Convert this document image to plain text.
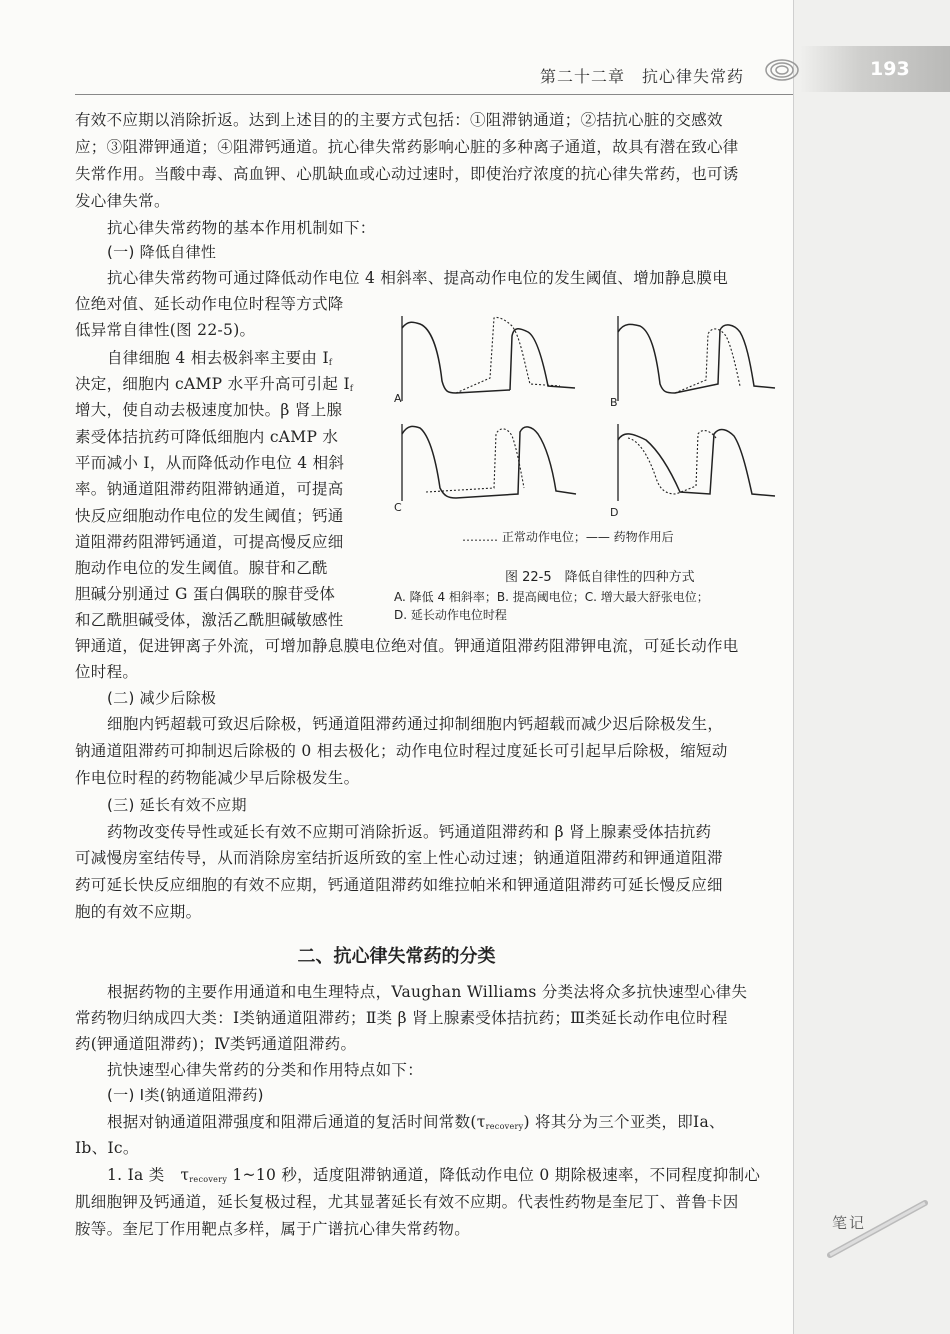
193
第二十二章　抗心律失常药
有效不应期以消除折返。达到上述目的的主要方式包括：①阻滞钠通道；②拮抗心脏的交感效
应；③阻滞钾通道；④阻滞钙通道。抗心律失常药影响心脏的多种离子通道，故具有潜在致心律
失常作用。当酸中毒、高血钾、心肌缺血或心动过速时，即使治疗浓度的抗心律失常药，也可诱
发心律失常。
抗心律失常药物的基本作用机制如下：
(一) 降低自律性
抗心律失常药物可通过降低动作电位 4 相斜率、提高动作电位的发生阈值、增加静息膜电
位绝对值、延长动作电位时程等方式降
低异常自律性(图 22-5)。
自律细胞 4 相去极斜率主要由 $I_f$
决定，细胞内 cAMP 水平升高可引起 $I_f$
增大，使自动去极速度加快。β 肾上腺
素受体拮抗药可降低细胞内 cAMP 水
平而减小 I，从而降低动作电位 4 相斜
率。钠通道阻滞药阻滞钠通道，可提高
快反应细胞动作电位的发生阈值；钙通
道阻滞药阻滞钙通道，可提高慢反应细
胞动作电位的发生阈值。腺苷和乙酰
胆碱分别通过 G 蛋白偶联的腺苷受体
和乙酰胆碱受体，激活乙酰胆碱敏感性
钾通道，促进钾离子外流，可增加静息膜电位绝对值。钾通道阻滞药阻滞钾电流，可延长动作电
位时程。
(二) 减少后除极
细胞内钙超载可致迟后除极，钙通道阻滞药通过抑制细胞内钙超载而减少迟后除极发生，
钠通道阻滞药可抑制迟后除极的 0 相去极化；动作电位时程过度延长可引起早后除极，缩短动
作电位时程的药物能减少早后除极发生。
(三) 延长有效不应期
药物改变传导性或延长有效不应期可消除折返。钙通道阻滞药和 β 肾上腺素受体拮抗药
可减慢房室结传导，从而消除房室结折返所致的室上性心动过速；钠通道阻滞药和钾通道阻滞
药可延长快反应细胞的有效不应期，钙通道阻滞药如维拉帕米和钾通道阻滞药可延长慢反应细
胞的有效不应期。
二、抗心律失常药的分类
根据药物的主要作用通道和电生理特点，Vaughan Williams 分类法将众多抗快速型心律失
常药物归纳成四大类：Ⅰ类钠通道阻滞药；Ⅱ类 β 肾上腺素受体拮抗药；Ⅲ类延长动作电位时程
药(钾通道阻滞药)；Ⅳ类钙通道阻滞药。
抗快速型心律失常药的分类和作用特点如下：
(一) Ⅰ类(钠通道阻滞药)
根据对钠通道阻滞强度和阻滞后通道的复活时间常数$(\tau_{recovery})$ 将其分为三个亚类，即Ⅰa、
Ⅰb、Ⅰc。
1. Ⅰa 类　$\tau_{recovery}$ 1~10 秒，适度阻滞钠通道，降低动作电位 0 期除极速率，不同程度抑制心
肌细胞钾及钙通道，延长复极过程，尤其显著延长有效不应期。代表性药物是奎尼丁、普鲁卡因
胺等。奎尼丁作用靶点多样，属于广谱抗心律失常药物。
A	B
C	D
……… 正常动作电位；—— 药物作用后
图 22-5　降低自律性的四种方式
A. 降低 4 相斜率；B. 提高阈电位；C. 增大最大舒张电位；
D. 延长动作电位时程
笔记
